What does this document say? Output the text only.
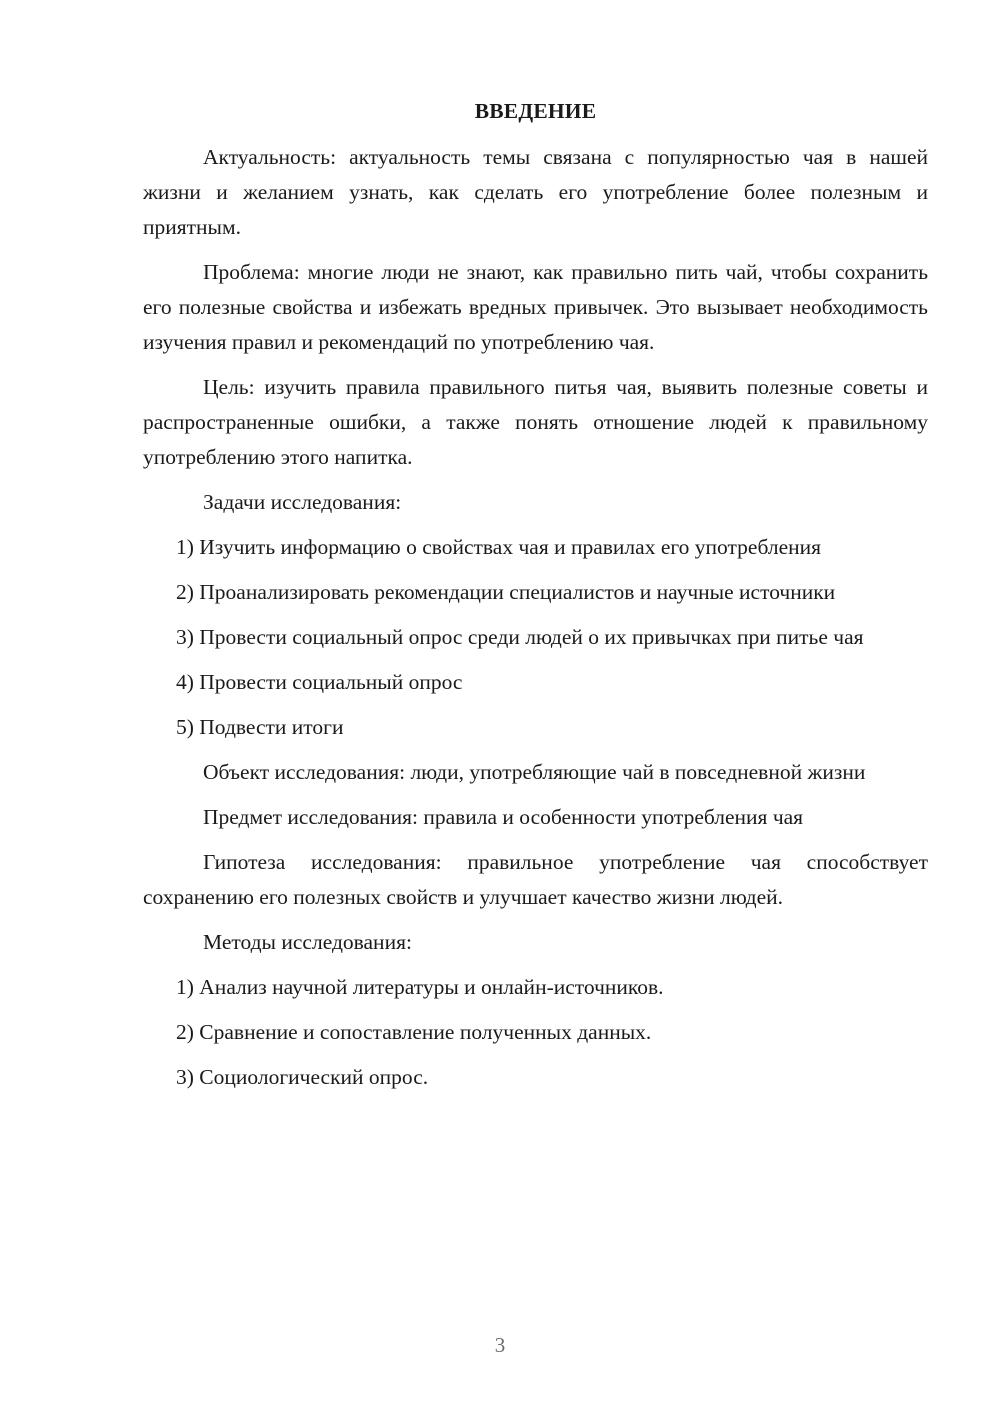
ВВЕДЕНИЕ

Актуальность: актуальность темы связана с популярностью чая в нашей жизни и желанием узнать, как сделать его употребление более полезным и приятным.

Проблема: многие люди не знают, как правильно пить чай, чтобы сохранить его полезные свойства и избежать вредных привычек. Это вызывает необходимость изучения правил и рекомендаций по употреблению чая.

Цель: изучить правила правильного питья чая, выявить полезные советы и распространенные ошибки, а также понять отношение людей к правильному употреблению этого напитка.

Задачи исследования:

1) Изучить информацию о свойствах чая и правилах его употребления

2) Проанализировать рекомендации специалистов и научные источники

3) Провести социальный опрос среди людей о их привычках при питье чая

4) Провести социальный опрос

5) Подвести итоги

Объект исследования: люди, употребляющие чай в повседневной жизни

Предмет исследования: правила и особенности употребления чая

Гипотеза исследования: правильное употребление чая способствует сохранению его полезных свойств и улучшает качество жизни людей.

Методы исследования:

1) Анализ научной литературы и онлайн-источников.

2) Сравнение и сопоставление полученных данных.

3) Социологический опрос.

3
